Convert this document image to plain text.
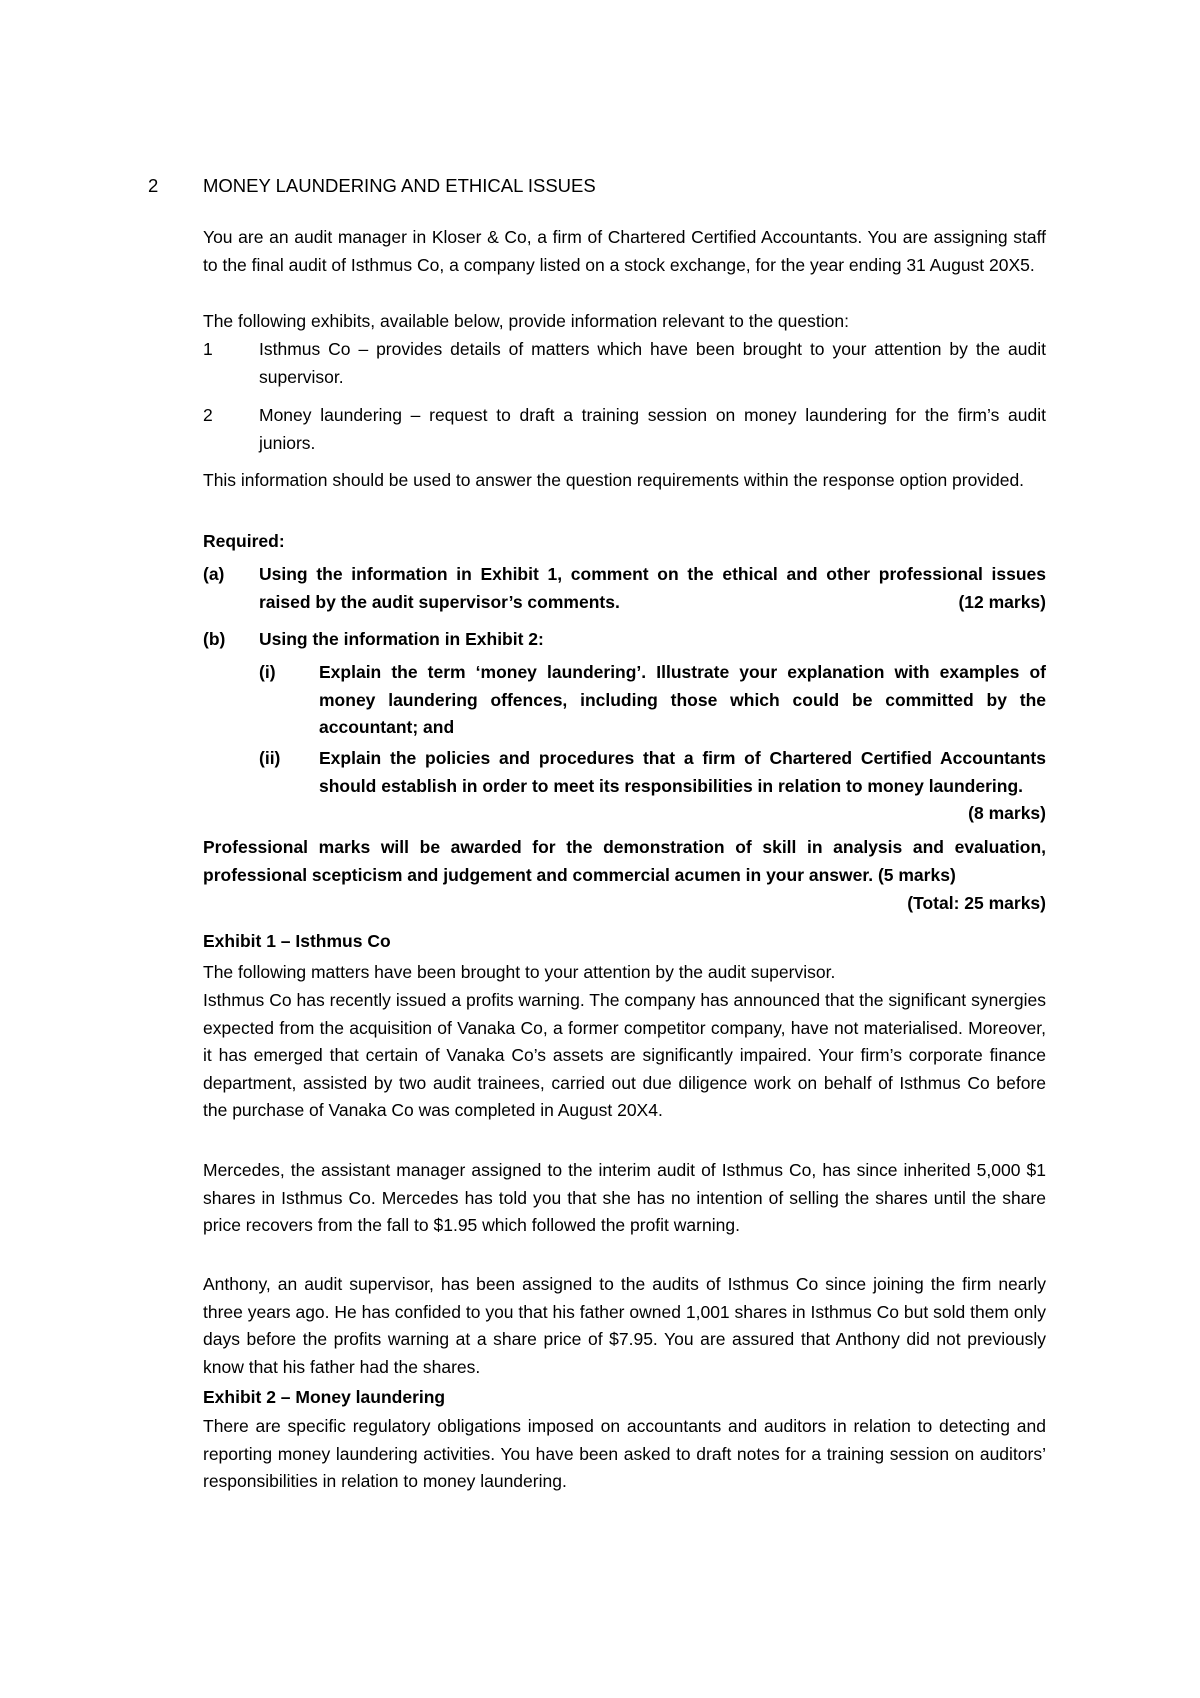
2 MONEY LAUNDERING AND ETHICAL ISSUES

You are an audit manager in Kloser & Co, a firm of Chartered Certified Accountants. You are assigning staff to the final audit of Isthmus Co, a company listed on a stock exchange, for the year ending 31 August 20X5.

The following exhibits, available below, provide information relevant to the question:

1	Isthmus Co – provides details of matters which have been brought to your attention by the audit supervisor.
2	Money laundering – request to draft a training session on money laundering for the firm’s audit juniors.

This information should be used to answer the question requirements within the response option provided.

Required:

(a) Using the information in Exhibit 1, comment on the ethical and other professional issues raised by the audit supervisor’s comments.	(12 marks)
(b) Using the information in Exhibit 2:
(i) Explain the term ‘money laundering’. Illustrate your explanation with examples of money laundering offences, including those which could be committed by the accountant; and
(ii) Explain the policies and procedures that a firm of Chartered Certified Accountants should establish in order to meet its responsibilities in relation to money laundering.
(8 marks)
Professional marks will be awarded for the demonstration of skill in analysis and evaluation, professional scepticism and judgement and commercial acumen in your answer. (5 marks)
(Total: 25 marks)

Exhibit 1 – Isthmus Co

The following matters have been brought to your attention by the audit supervisor.

Isthmus Co has recently issued a profits warning. The company has announced that the significant synergies expected from the acquisition of Vanaka Co, a former competitor company, have not materialised. Moreover, it has emerged that certain of Vanaka Co’s assets are significantly impaired. Your firm’s corporate finance department, assisted by two audit trainees, carried out due diligence work on behalf of Isthmus Co before the purchase of Vanaka Co was completed in August 20X4.

Mercedes, the assistant manager assigned to the interim audit of Isthmus Co, has since inherited 5,000 $1 shares in Isthmus Co. Mercedes has told you that she has no intention of selling the shares until the share price recovers from the fall to $1.95 which followed the profit warning.

Anthony, an audit supervisor, has been assigned to the audits of Isthmus Co since joining the firm nearly three years ago. He has confided to you that his father owned 1,001 shares in Isthmus Co but sold them only days before the profits warning at a share price of $7.95. You are assured that Anthony did not previously know that his father had the shares.

Exhibit 2 – Money laundering

There are specific regulatory obligations imposed on accountants and auditors in relation to detecting and reporting money laundering activities. You have been asked to draft notes for a training session on auditors’ responsibilities in relation to money laundering.
